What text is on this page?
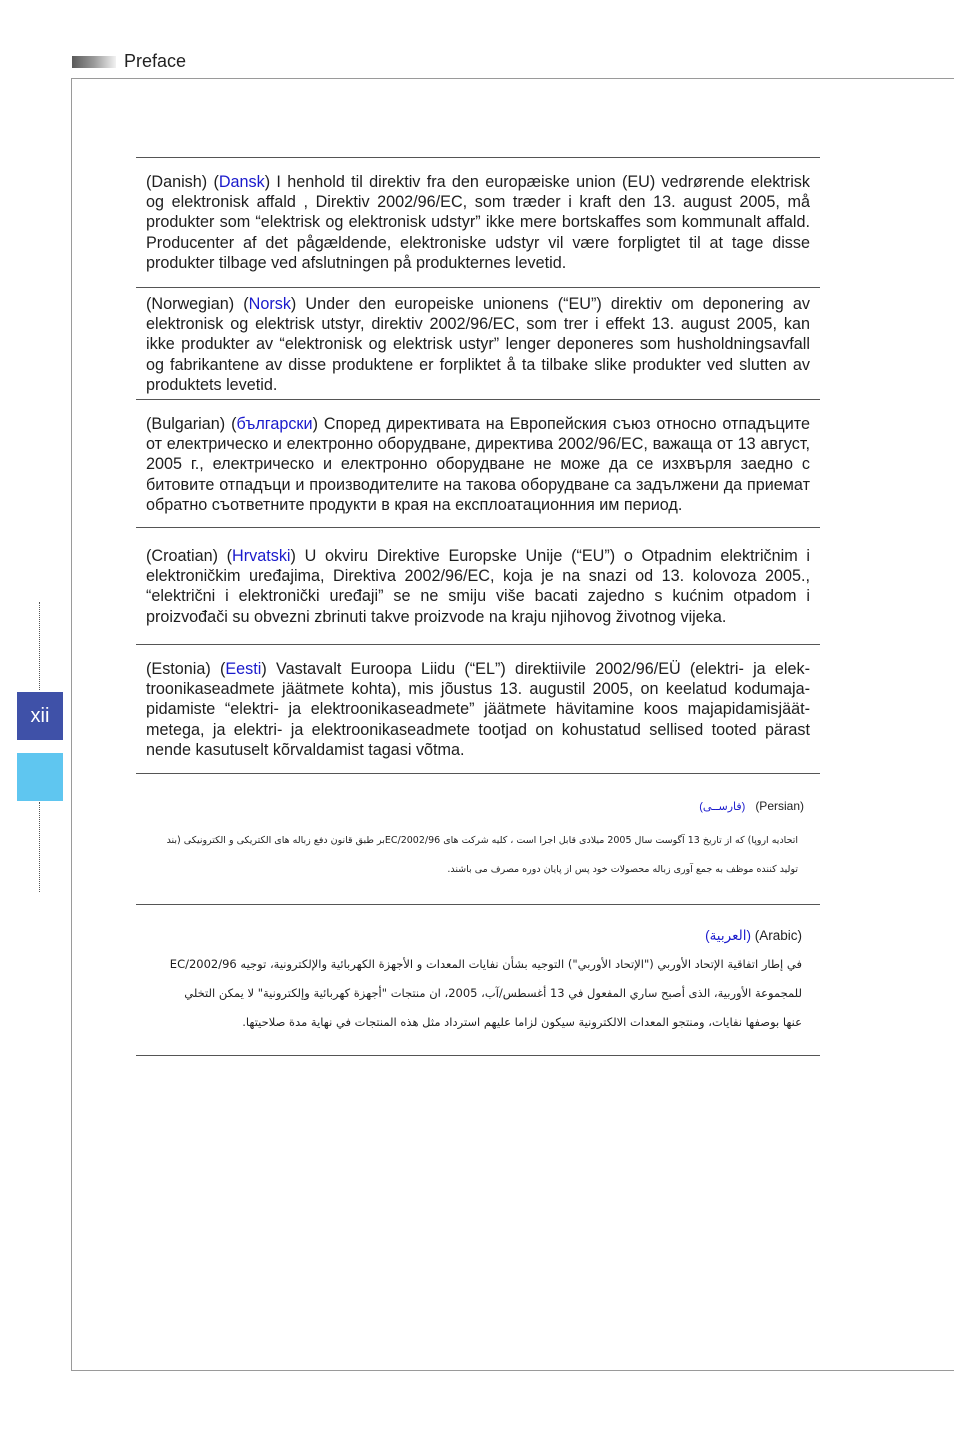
Preface
xii

(Danish) (Dansk) I henhold til direktiv fra den europæiske union (EU) vedrørende elektrisk og elektronisk affald , Direktiv 2002/96/EC, som træder i kraft den 13. august 2005, må produkter som “elektrisk og elektronisk udstyr” ikke mere bortskaffes som kommunalt affald. Producenter af det pågældende, elektroniske udstyr vil være forpligtet til at tage disse produkter tilbage ved afslutningen på produkternes levetid.

(Norwegian) (Norsk) Under den europeiske unionens (“EU”) direktiv om deponering av elektronisk og elektrisk utstyr, direktiv 2002/96/EC, som trer i effekt 13. august 2005, kan ikke produkter av “elektronisk og elektrisk ustyr” lenger deponeres som husholdningsavfall og fabrikantene av disse produktene er forpliktet å ta tilbake slike produkter ved slutten av produktets levetid.

(Bulgarian) (български) Според директивата на Европейския съюз относно отпадъците от електрическо и електронно оборудване, директива 2002/96/EC, важаща от 13 август, 2005 г., електрическо и електронно оборудване не може да се изхвърля заедно с битовите отпадъци и производителите на такова оборудване са задължени да приемат обратно съответните продукти в края на експлоатационния им период.

(Croatian) (Hrvatski) U okviru Direktive Europske Unije (“EU”) o Otpadnim električnim i elektroničkim uređajima, Direktiva 2002/96/EC, koja je na snazi od 13. kolovoza 2005., “električni i elektronički uređaji” se ne smiju više bacati zajedno s kućnim otpadom i proizvođači su obvezni zbrinuti takve proizvode na kraju njihovog životnog vijeka.

(Estonia) (Eesti) Vastavalt Euroopa Liidu (“EL”) direktiivile 2002/96/EÜ (elektri- ja elektroonikaseadmete jäätmete kohta), mis jõustus 13. augustil 2005, on keelatud kodumajapidamiste “elektri- ja elektroonikaseadmete” jäätmete hävitamine koos majapidamisjäätmetega, ja elektri- ja elektroonikaseadmete tootjad on kohustatud sellised tooted pärast nende kasutuselt kõrvaldamist tagasi võtma.

(فارســی) (Persian)
اتحادیه اروپا) که از تاریخ 13 آگوست سال 2005 میلادی قابل اجرا است ، کلیه شرکت های 2002/96/ECبر طبق قانون دفع زباله های الکتریکی و الکترونیکی (بند
تولید کننده موظف به جمع آوری زباله محصولات خود پس از پایان دوره مصرف می باشند.
(العربية) (Arabic)
في إطار اتفاقية الإتحاد الأوربي ("الإتحاد الأوربي") التوجيه بشأن نفايات المعدات و الأجهزة الكهربائية والإلكترونية، توجيه 2002/96/EC
للمجموعة الأوربية، الذى أصبح ساري المفعول في 13 أغسطس/آب، 2005، ان منتجات "أجهزة كهربائية وإلكترونية" لا يمكن التخلي
عنها بوصفها نفايات، ومنتجو المعدات الالكترونية سيكون لزاما عليهم استرداد مثل هذه المنتجات في نهاية مدة صلاحيتها.
